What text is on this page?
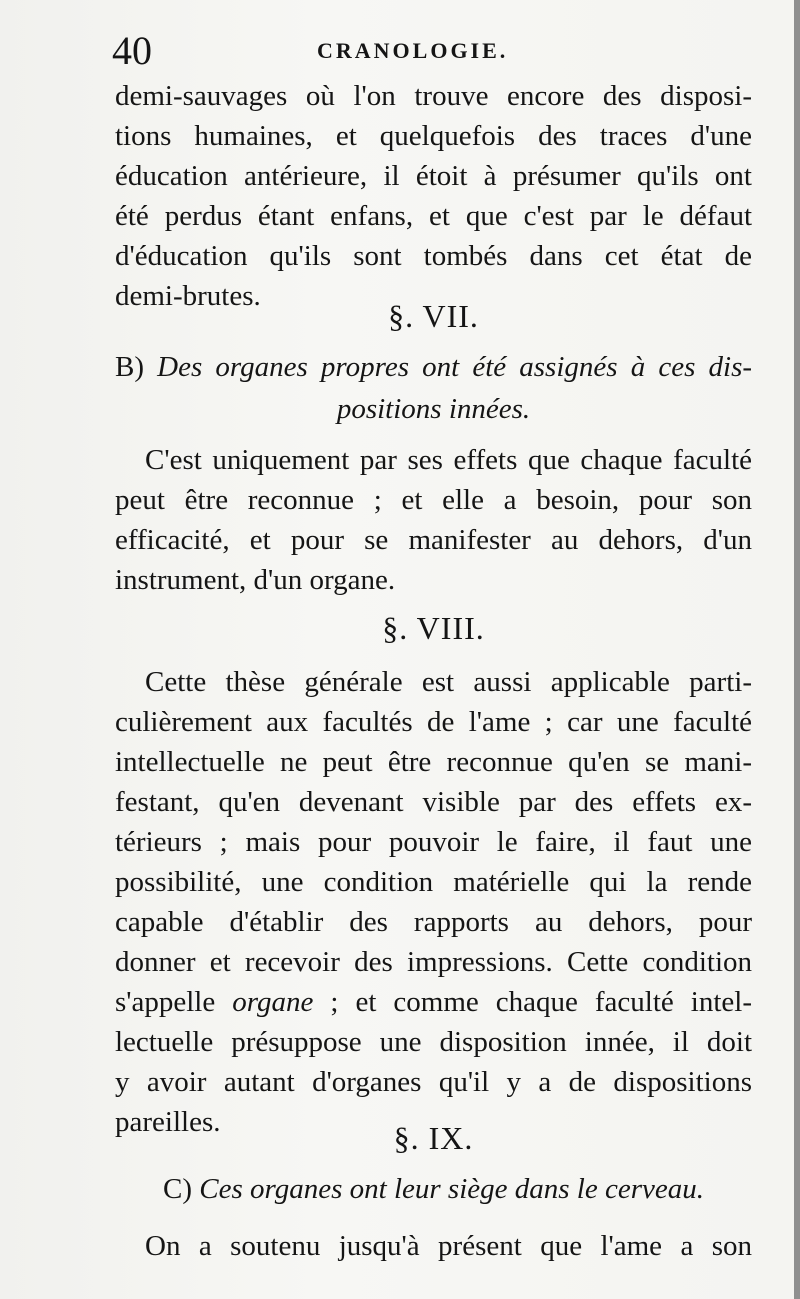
40	CRANOLOGIE.
demi-sauvages où l'on trouve encore des disposi-
tions humaines, et quelquefois des traces d'une
éducation antérieure, il étoit à présumer qu'ils ont
été perdus étant enfans, et que c'est par le défaut
d'éducation qu'ils sont tombés dans cet état de
demi-brutes.
§. VII.
B) Des organes propres ont été assignés à ces dis-
positions innées.
C'est uniquement par ses effets que chaque faculté
peut être reconnue ; et elle a besoin, pour son
efficacité, et pour se manifester au dehors, d'un
instrument, d'un organe.
§. VIII.
Cette thèse générale est aussi applicable parti-
culièrement aux facultés de l'ame ; car une faculté
intellectuelle ne peut être reconnue qu'en se mani-
festant, qu'en devenant visible par des effets ex-
térieurs ; mais pour pouvoir le faire, il faut une
possibilité, une condition matérielle qui la rende
capable d'établir des rapports au dehors, pour
donner et recevoir des impressions. Cette condition
s'appelle organe ; et comme chaque faculté intel-
lectuelle présuppose une disposition innée, il doit
y avoir autant d'organes qu'il y a de dispositions
pareilles.	§. IX.
C) Ces organes ont leur siège dans le cerveau.
On a soutenu jusqu'à présent que l'ame a son
